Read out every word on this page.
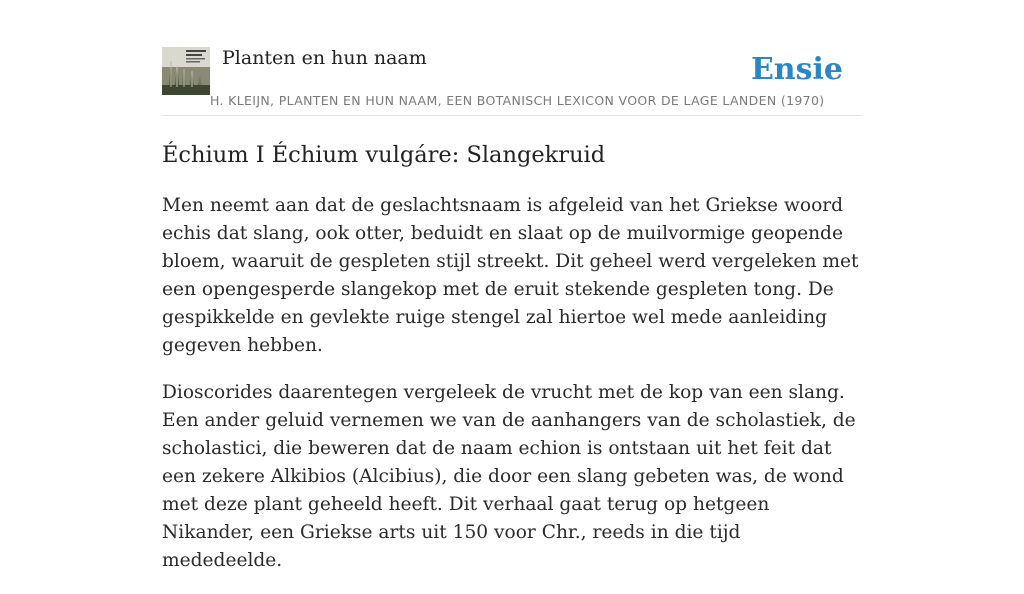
Planten en hun naam	Ensie
H. KLEIJN, PLANTEN EN HUN NAAM, EEN BOTANISCH LEXICON VOOR DE LAGE LANDEN (1970)
Échium I Échium vulgáre: Slangekruid

Men neemt aan dat de geslachtsnaam is afgeleid van het Griekse woord echis dat slang, ook otter, beduidt en slaat op de muilvormige geopende bloem, waaruit de gespleten stijl streekt. Dit geheel werd vergeleken met een opengesperde slangekop met de eruit stekende gespleten tong. De gespikkelde en gevlekte ruige stengel zal hiertoe wel mede aanleiding gegeven hebben.

Dioscorides daarentegen vergeleek de vrucht met de kop van een slang. Een ander geluid vernemen we van de aanhangers van de scholastiek, de scholastici, die beweren dat de naam echion is ontstaan uit het feit dat een zekere Alkibios (Alcibius), die door een slang gebeten was, de wond met deze plant geheeld heeft. Dit verhaal gaat terug op hetgeen Nikander, een Griekse arts uit 150 voor Chr., reeds in die tijd mededeelde.
